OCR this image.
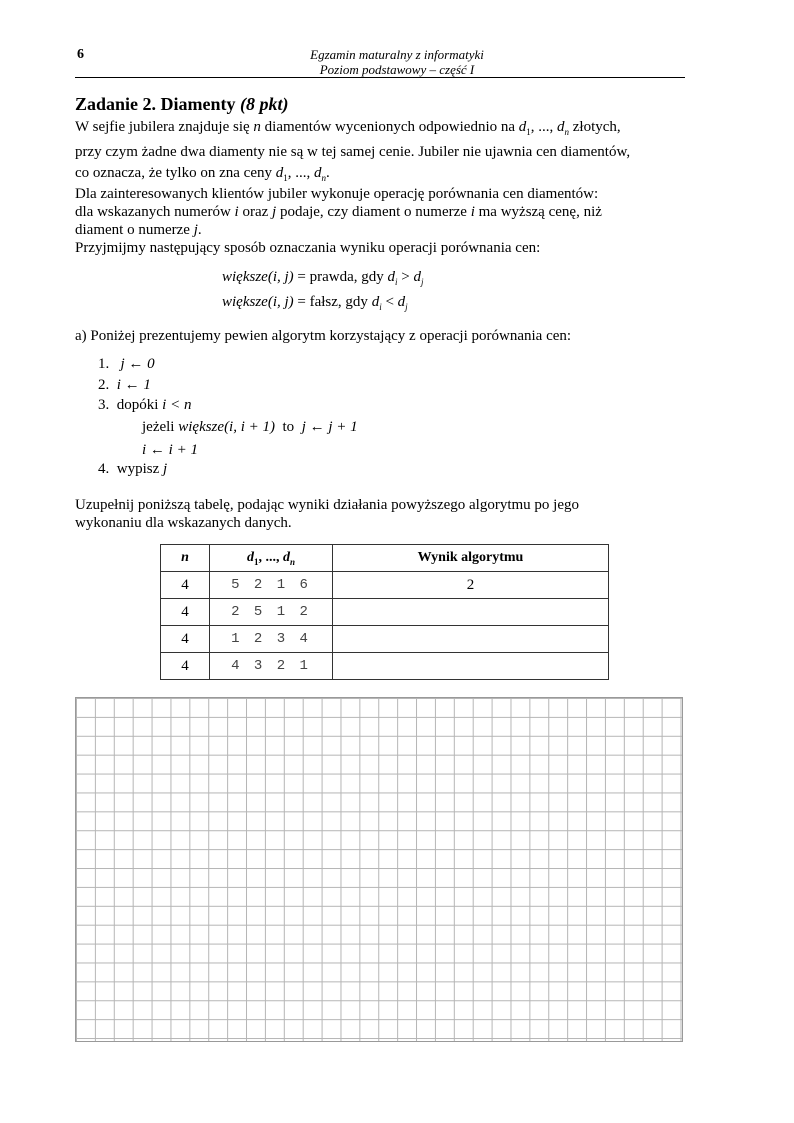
6	Egzamin maturalny z informatyki
Poziom podstawowy – część I
Zadanie 2. Diamenty (8 pkt)
W sejfie jubilera znajduje się n diamentów wycenionych odpowiednio na $d_1$, ..., $d_n$ złotych,
przy czym żadne dwa diamenty nie są w tej samej cenie. Jubiler nie ujawnia cen diamentów,
co oznacza, że tylko on zna ceny $d_1$, ..., $d_n$.
Dla zainteresowanych klientów jubiler wykonuje operację porównania cen diamentów:
dla wskazanych numerów i oraz j podaje, czy diament o numerze i ma wyższą cenę, niż
diament o numerze j.
Przyjmijmy następujący sposób oznaczania wyniku operacji porównania cen:
większe(i, j) = prawda, gdy $d_i > d_j$
większe(i, j) = fałsz, gdy $d_i < d_j$
a) Poniżej prezentujemy pewien algorytm korzystający z operacji porównania cen:
1. j ← 0
2. i ← 1
3. dopóki i < n
jeżeli większe(i, i + 1) to j ← j + 1
i ← i + 1
4. wypisz j
Uzupełnij poniższą tabelę, podając wyniki działania powyższego algorytmu po jego
wykonaniu dla wskazanych danych.
n	$d_1$, ..., $d_n$	Wynik algorytmu
4	5 2 1 6	2
4	2 5 1 2	
4	1 2 3 4	
4	4 3 2 1	
